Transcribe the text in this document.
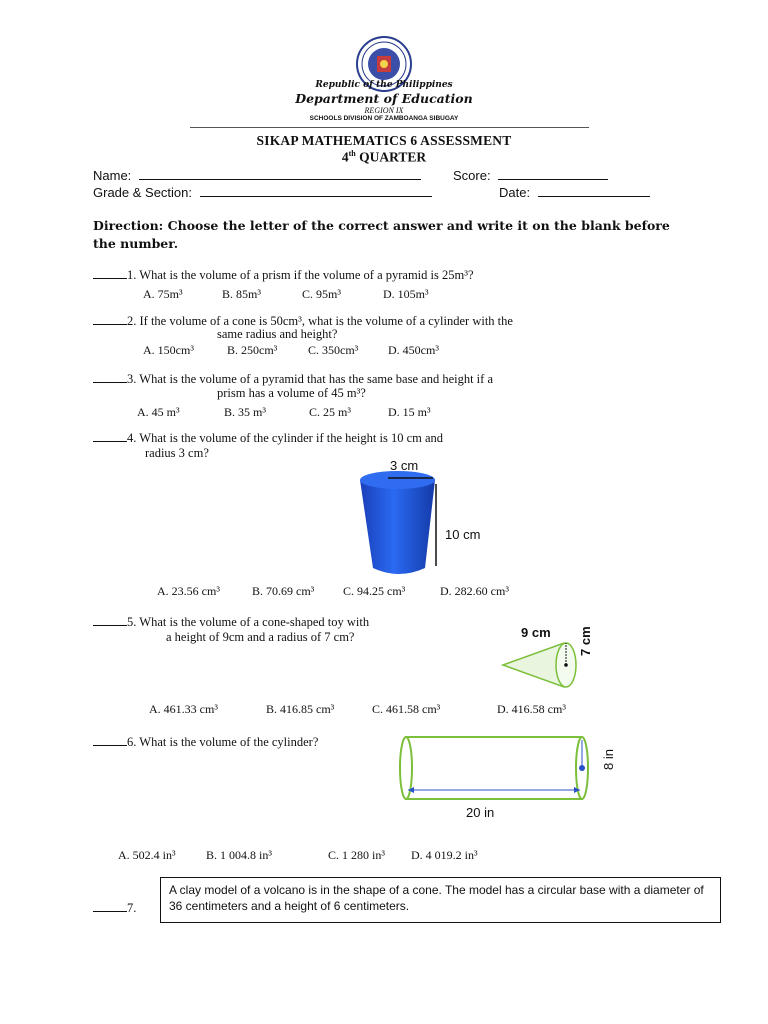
Republic of the Philippines
Department of Education
REGION IX
SCHOOLS DIVISION OF ZAMBOANGA SIBUGAY
SIKAP MATHEMATICS 6 ASSESSMENT
4th QUARTER
Name:	Score:
Grade & Section:	Date:
Direction: Choose the letter of the correct answer and write it on the blank before the number.
1. What is the volume of a prism if the volume of a pyramid is 25m³?
A. 75m³	B. 85m³	C. 95m³	D. 105m³
2. If the volume of a cone is 50cm³, what is the volume of a cylinder with the
same radius and height?
A. 150cm³	B. 250cm³	C. 350cm³ D. 450cm³
3. What is the volume of a pyramid that has the same base and height if a
prism has a volume of 45 m³?
A. 45 m³	B. 35 m³	C. 25 m³	D. 15 m³
4. What is the volume of the cylinder if the height is 10 cm and
radius 3 cm?
3 cm
10 cm
A. 23.56 cm³	B. 70.69 cm³ C. 94.25 cm³	D. 282.60 cm³
5. What is the volume of a cone-shaped toy with
a height of 9cm and a radius of 7 cm?	9 cm 7 cm
A. 461.33 cm³	B. 416.85 cm³	C. 461.58 cm³	D. 416.58 cm³
6. What is the volume of the cylinder?
20 in
8 in
A. 502.4 in³	B. 1 004.8 in³	C. 1 280 in³ D. 4 019.2 in³
7.
A clay model of a volcano is in the shape of a cone. The model has a circular base with a diameter of 36 centimeters and a height of 6 centimeters.
